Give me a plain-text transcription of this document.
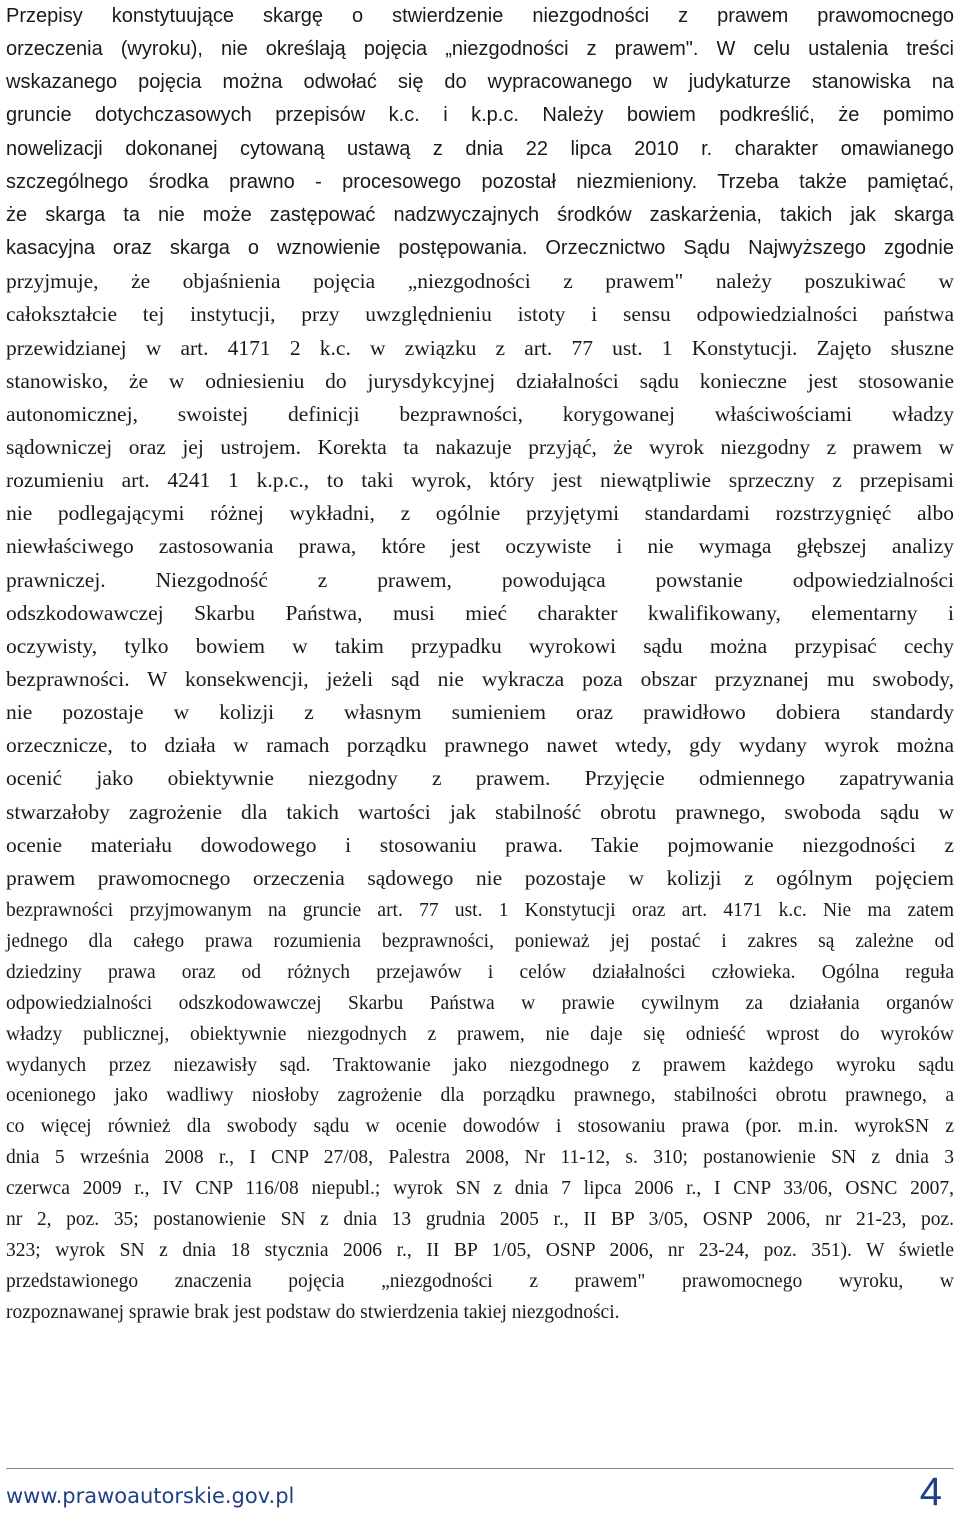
Przepisy konstytuujące skargę o stwierdzenie niezgodności z prawem prawomocnego
orzeczenia (wyroku), nie określają pojęcia „niezgodności z prawem". W celu ustalenia treści
wskazanego pojęcia można odwołać się do wypracowanego w judykaturze stanowiska na
gruncie dotychczasowych przepisów k.c. i k.p.c. Należy bowiem podkreślić, że pomimo
nowelizacji dokonanej cytowaną ustawą z dnia 22 lipca 2010 r. charakter omawianego
szczególnego środka prawno - procesowego pozostał niezmieniony. Trzeba także pamiętać,
że skarga ta nie może zastępować nadzwyczajnych środków zaskarżenia, takich jak skarga
kasacyjna oraz skarga o wznowienie postępowania. Orzecznictwo Sądu Najwyższego zgodnie
przyjmuje, że objaśnienia pojęcia „niezgodności z prawem" należy poszukiwać w
całokształcie tej instytucji, przy uwzględnieniu istoty i sensu odpowiedzialności państwa
przewidzianej w art. 4171 2 k.c. w związku z art. 77 ust. 1 Konstytucji. Zajęto słuszne
stanowisko, że w odniesieniu do jurysdykcyjnej działalności sądu konieczne jest stosowanie
autonomicznej, swoistej definicji bezprawności, korygowanej właściwościami władzy
sądowniczej oraz jej ustrojem. Korekta ta nakazuje przyjąć, że wyrok niezgodny z prawem w
rozumieniu art. 4241 1 k.p.c., to taki wyrok, który jest niewątpliwie sprzeczny z przepisami
nie podlegającymi różnej wykładni, z ogólnie przyjętymi standardami rozstrzygnięć albo
niewłaściwego zastosowania prawa, które jest oczywiste i nie wymaga głębszej analizy
prawniczej. Niezgodność z prawem, powodująca powstanie odpowiedzialności
odszkodowawczej Skarbu Państwa, musi mieć charakter kwalifikowany, elementarny i
oczywisty, tylko bowiem w takim przypadku wyrokowi sądu można przypisać cechy
bezprawności. W konsekwencji, jeżeli sąd nie wykracza poza obszar przyznanej mu swobody,
nie pozostaje w kolizji z własnym sumieniem oraz prawidłowo dobiera standardy
orzecznicze, to działa w ramach porządku prawnego nawet wtedy, gdy wydany wyrok można
ocenić jako obiektywnie niezgodny z prawem. Przyjęcie odmiennego zapatrywania
stwarzałoby zagrożenie dla takich wartości jak stabilność obrotu prawnego, swoboda sądu w
ocenie materiału dowodowego i stosowaniu prawa. Takie pojmowanie niezgodności z
prawem prawomocnego orzeczenia sądowego nie pozostaje w kolizji z ogólnym pojęciem
bezprawności przyjmowanym na gruncie art. 77 ust. 1 Konstytucji oraz art. 4171 k.c. Nie ma zatem
jednego dla całego prawa rozumienia bezprawności, ponieważ jej postać i zakres są zależne od
dziedziny prawa oraz od różnych przejawów i celów działalności człowieka. Ogólna reguła
odpowiedzialności odszkodowawczej Skarbu Państwa w prawie cywilnym za działania organów
władzy publicznej, obiektywnie niezgodnych z prawem, nie daje się odnieść wprost do wyroków
wydanych przez niezawisły sąd. Traktowanie jako niezgodnego z prawem każdego wyroku sądu
ocenionego jako wadliwy niosłoby zagrożenie dla porządku prawnego, stabilności obrotu prawnego, a
co więcej również dla swobody sądu w ocenie dowodów i stosowaniu prawa (por. m.in. wyrokSN z
dnia 5 września 2008 r., I CNP 27/08, Palestra 2008, Nr 11-12, s. 310; postanowienie SN z dnia 3
czerwca 2009 r., IV CNP 116/08 niepubl.; wyrok SN z dnia 7 lipca 2006 r., I CNP 33/06, OSNC 2007,
nr 2, poz. 35; postanowienie SN z dnia 13 grudnia 2005 r., II BP 3/05, OSNP 2006, nr 21-23, poz.
323; wyrok SN z dnia 18 stycznia 2006 r., II BP 1/05, OSNP 2006, nr 23-24, poz. 351). W świetle
przedstawionego znaczenia pojęcia „niezgodności z prawem" prawomocnego wyroku, w
rozpoznawanej sprawie brak jest podstaw do stwierdzenia takiej niezgodności.
www.prawoautorskie.gov.pl	4
